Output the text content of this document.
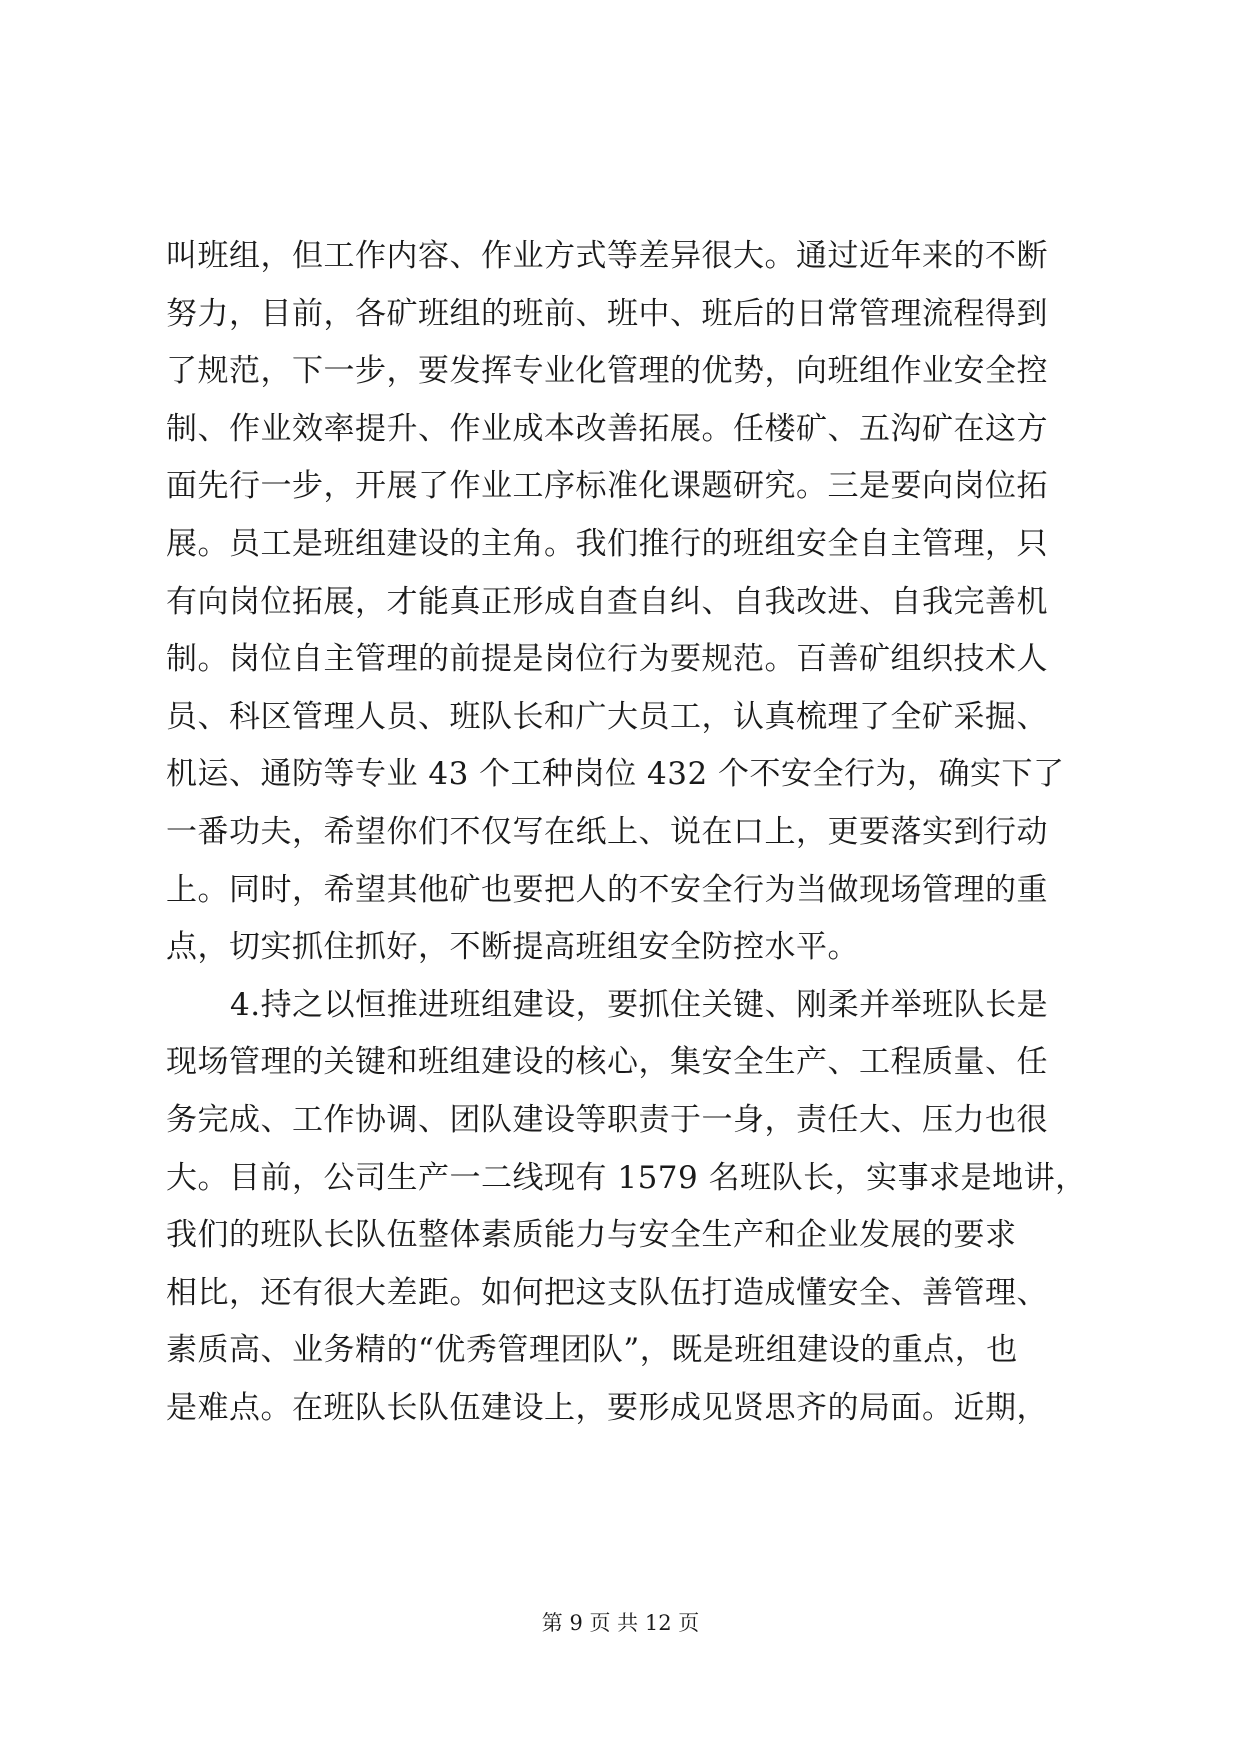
叫班组，但工作内容、作业方式等差异很大。通过近年来的不断
努力，目前，各矿班组的班前、班中、班后的日常管理流程得到
了规范，下一步，要发挥专业化管理的优势，向班组作业安全控
制、作业效率提升、作业成本改善拓展。任楼矿、五沟矿在这方
面先行一步，开展了作业工序标准化课题研究。三是要向岗位拓
展。员工是班组建设的主角。我们推行的班组安全自主管理，只
有向岗位拓展，才能真正形成自查自纠、自我改进、自我完善机
制。岗位自主管理的前提是岗位行为要规范。百善矿组织技术人
员、科区管理人员、班队长和广大员工，认真梳理了全矿采掘、
机运、通防等专业 43 个工种岗位 432 个不安全行为，确实下了
一番功夫，希望你们不仅写在纸上、说在口上，更要落实到行动
上。同时，希望其他矿也要把人的不安全行为当做现场管理的重
点，切实抓住抓好，不断提高班组安全防控水平。
4.持之以恒推进班组建设，要抓住关键、刚柔并举班队长是
现场管理的关键和班组建设的核心，集安全生产、工程质量、任
务完成、工作协调、团队建设等职责于一身，责任大、压力也很
大。目前，公司生产一二线现有 1579 名班队长，实事求是地讲，
我们的班队长队伍整体素质能力与安全生产和企业发展的要求
相比，还有很大差距。如何把这支队伍打造成懂安全、善管理、
素质高、业务精的“优秀管理团队”，既是班组建设的重点，也
是难点。在班队长队伍建设上，要形成见贤思齐的局面。近期，
第 9 页 共 12 页
